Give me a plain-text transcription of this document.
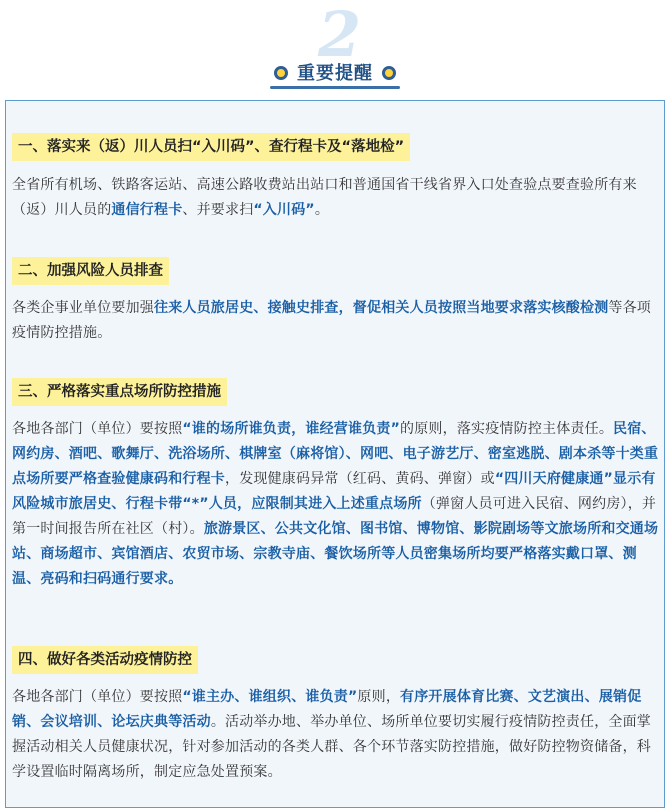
2
重要提醒
一、落实来（返）川人员扫“入川码”、查行程卡及“落地检”
全省所有机场、铁路客运站、高速公路收费站出站口和普通国省干线省界入口处查验点要查验所有来（返）川人员的通信行程卡、并要求扫“入川码”。
二、加强风险人员排查
各类企事业单位要加强往来人员旅居史、接触史排查，督促相关人员按照当地要求落实核酸检测等各项疫情防控措施。
三、严格落实重点场所防控措施
各地各部门（单位）要按照“谁的场所谁负责，谁经营谁负责”的原则，落实疫情防控主体责任。民宿、网约房、酒吧、歌舞厅、洗浴场所、棋牌室（麻将馆）、网吧、电子游艺厅、密室逃脱、剧本杀等十类重点场所要严格查验健康码和行程卡，发现健康码异常（红码、黄码、弹窗）或“四川天府健康通”显示有风险城市旅居史、行程卡带“*”人员，应限制其进入上述重点场所（弹窗人员可进入民宿、网约房），并第一时间报告所在社区（村）。旅游景区、公共文化馆、图书馆、博物馆、影院剧场等文旅场所和交通场站、商场超市、宾馆酒店、农贸市场、宗教寺庙、餐饮场所等人员密集场所均要严格落实戴口罩、测温、亮码和扫码通行要求。
四、做好各类活动疫情防控
各地各部门（单位）要按照“谁主办、谁组织、谁负责”原则，有序开展体育比赛、文艺演出、展销促销、会议培训、论坛庆典等活动。活动举办地、举办单位、场所单位要切实履行疫情防控责任，全面掌握活动相关人员健康状况，针对参加活动的各类人群、各个环节落实防控措施，做好防控物资储备，科学设置临时隔离场所，制定应急处置预案。
